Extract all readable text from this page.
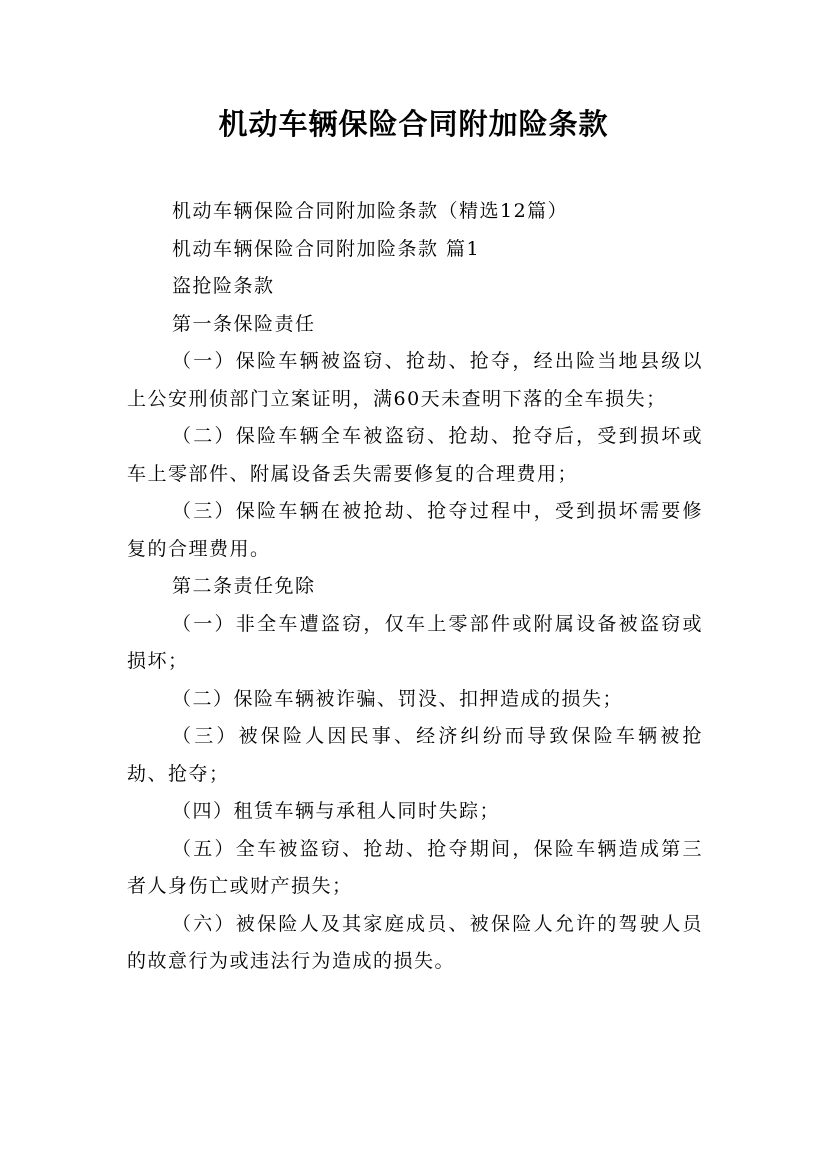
机动车辆保险合同附加险条款

机动车辆保险合同附加险条款（精选12篇）

机动车辆保险合同附加险条款 篇1

盗抢险条款

第一条保险责任

（一）保险车辆被盗窃、抢劫、抢夺，经出险当地县级以上公安刑侦部门立案证明，满60天未查明下落的全车损失；

（二）保险车辆全车被盗窃、抢劫、抢夺后，受到损坏或车上零部件、附属设备丢失需要修复的合理费用；

（三）保险车辆在被抢劫、抢夺过程中，受到损坏需要修复的合理费用。

第二条责任免除

（一）非全车遭盗窃，仅车上零部件或附属设备被盗窃或损坏；

（二）保险车辆被诈骗、罚没、扣押造成的损失；

（三）被保险人因民事、经济纠纷而导致保险车辆被抢劫、抢夺；

（四）租赁车辆与承租人同时失踪；

（五）全车被盗窃、抢劫、抢夺期间，保险车辆造成第三者人身伤亡或财产损失；

（六）被保险人及其家庭成员、被保险人允许的驾驶人员的故意行为或违法行为造成的损失。
